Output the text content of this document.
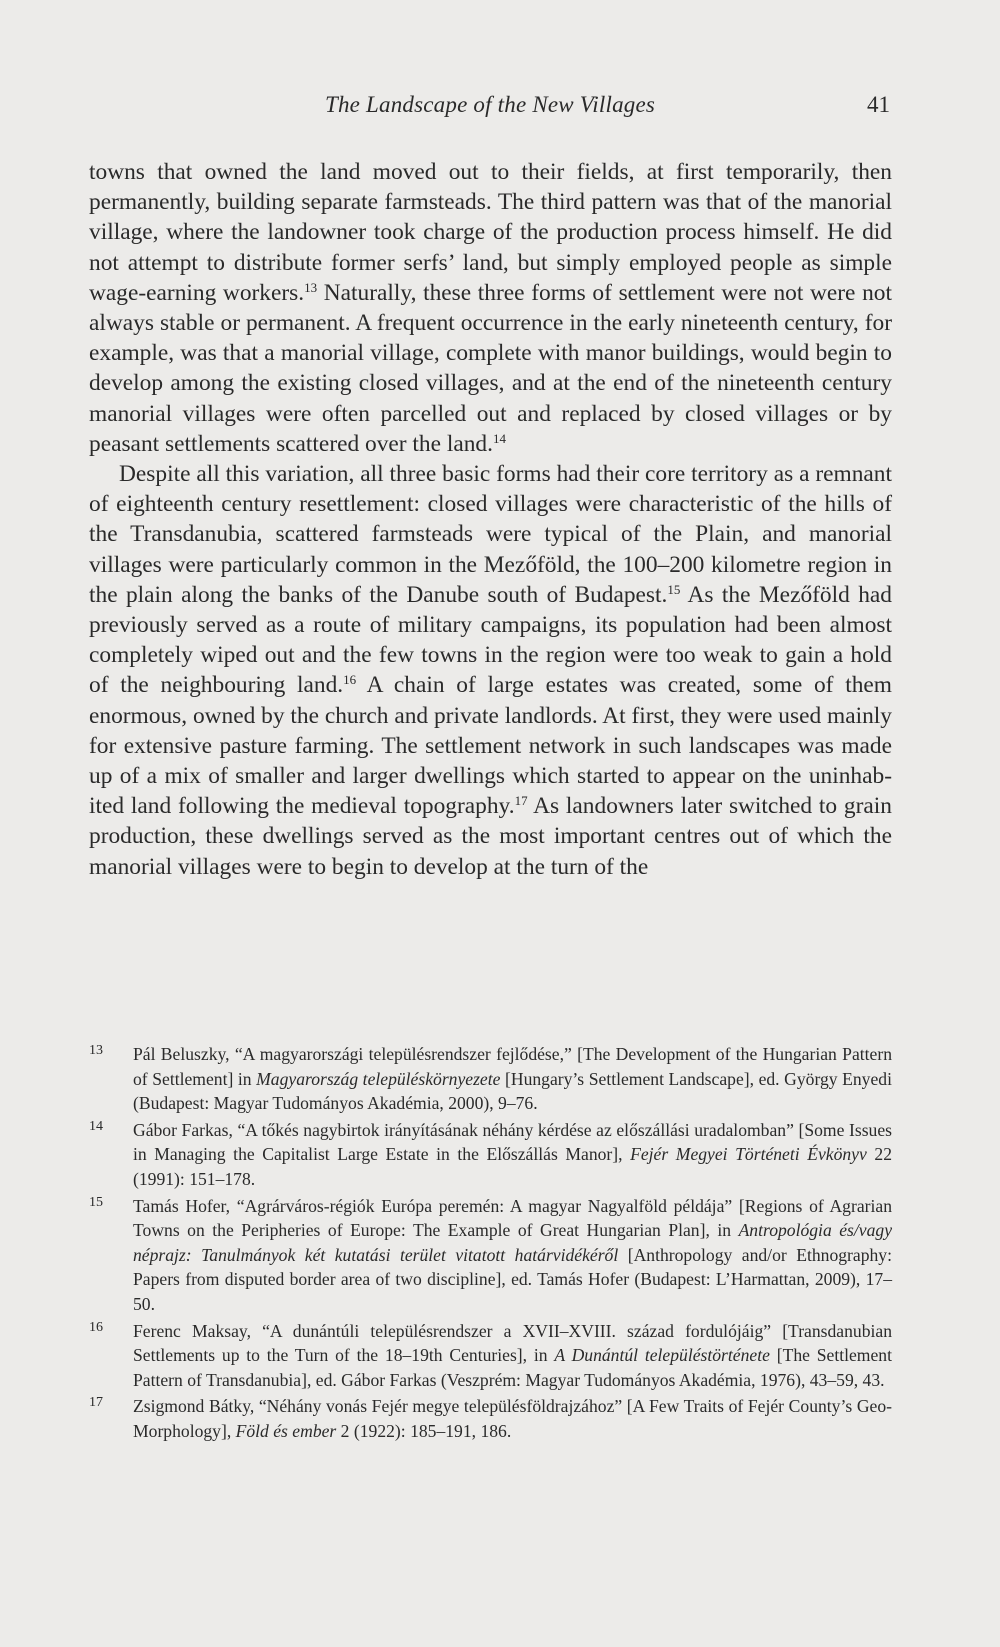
The Landscape of the New Villages	41

towns that owned the land moved out to their fields, at first temporarily, then permanently, building separate farmsteads. The third pattern was that of the manorial village, where the landowner took charge of the production process himself. He did not attempt to distribute former serfs’ land, but simply employed people as simple wage-earning workers.$^{13}$ Naturally, these three forms of settlement were not were not always stable or permanent. A frequent occurrence in the early nineteenth century, for example, was that a manorial village, complete with manor buildings, would begin to develop among the existing closed villages, and at the end of the nineteenth century manorial villages were often parcelled out and replaced by closed villages or by peasant settlements scattered over the land.$^{14}$

Despite all this variation, all three basic forms had their core territory as a remnant of eighteenth century resettlement: closed villages were characteristic of the hills of the Transdanubia, scattered farmsteads were typical of the Plain, and manorial villages were particularly common in the Mezőföld, the 100–200 kilometre region in the plain along the banks of the Danube south of Budapest.$^{15}$ As the Mezőföld had previously served as a route of military campaigns, its population had been almost completely wiped out and the few towns in the region were too weak to gain a hold of the neighbouring land.$^{16}$ A chain of large estates was created, some of them enormous, owned by the church and private landlords. At first, they were used mainly for extensive pasture farming. The settlement network in such landscapes was made up of a mix of smaller and larger dwellings which started to appear on the uninhabited land following the medieval topography.$^{17}$ As landowners later switched to grain production, these dwellings served as the most important centres out of which the manorial villages were to begin to develop at the turn of the

13 Pál Beluszky, “A magyarországi településrendszer fejlődése,” [The Development of the Hungarian Pattern of Settlement] in Magyarország településkörnyezete [Hungary’s Settlement Landscape], ed. György Enyedi (Budapest: Magyar Tudományos Akadémia, 2000), 9–76.
14 Gábor Farkas, “A tőkés nagybirtok irányításának néhány kérdése az előszállási uradalomban” [Some Issues in Managing the Capitalist Large Estate in the Előszállás Manor], Fejér Megyei Történeti Évkönyv 22 (1991): 151–178.
15 Tamás Hofer, “Agrárváros-régiók Európa peremén: A magyar Nagyalföld példája” [Regions of Agrarian Towns on the Peripheries of Europe: The Example of Great Hungarian Plan], in Antropológia és/vagy néprajz: Tanulmányok két kutatási terület vitatott határvidékéről [Anthropology and/or Ethnography: Papers from disputed border area of two discipline], ed. Tamás Hofer (Budapest: L’Harmattan, 2009), 17–50.
16 Ferenc Maksay, “A dunántúli településrendszer a XVII–XVIII. század fordulójáig” [Transdanubian Settlements up to the Turn of the 18–19th Centuries], in A Dunántúl településtörténete [The Settlement Pattern of Transdanubia], ed. Gábor Farkas (Veszprém: Magyar Tudományos Akadémia, 1976), 43–59, 43.
17 Zsigmond Bátky, “Néhány vonás Fejér megye településföldrajzához” [A Few Traits of Fejér County’s Geo-Morphology], Föld és ember 2 (1922): 185–191, 186.
